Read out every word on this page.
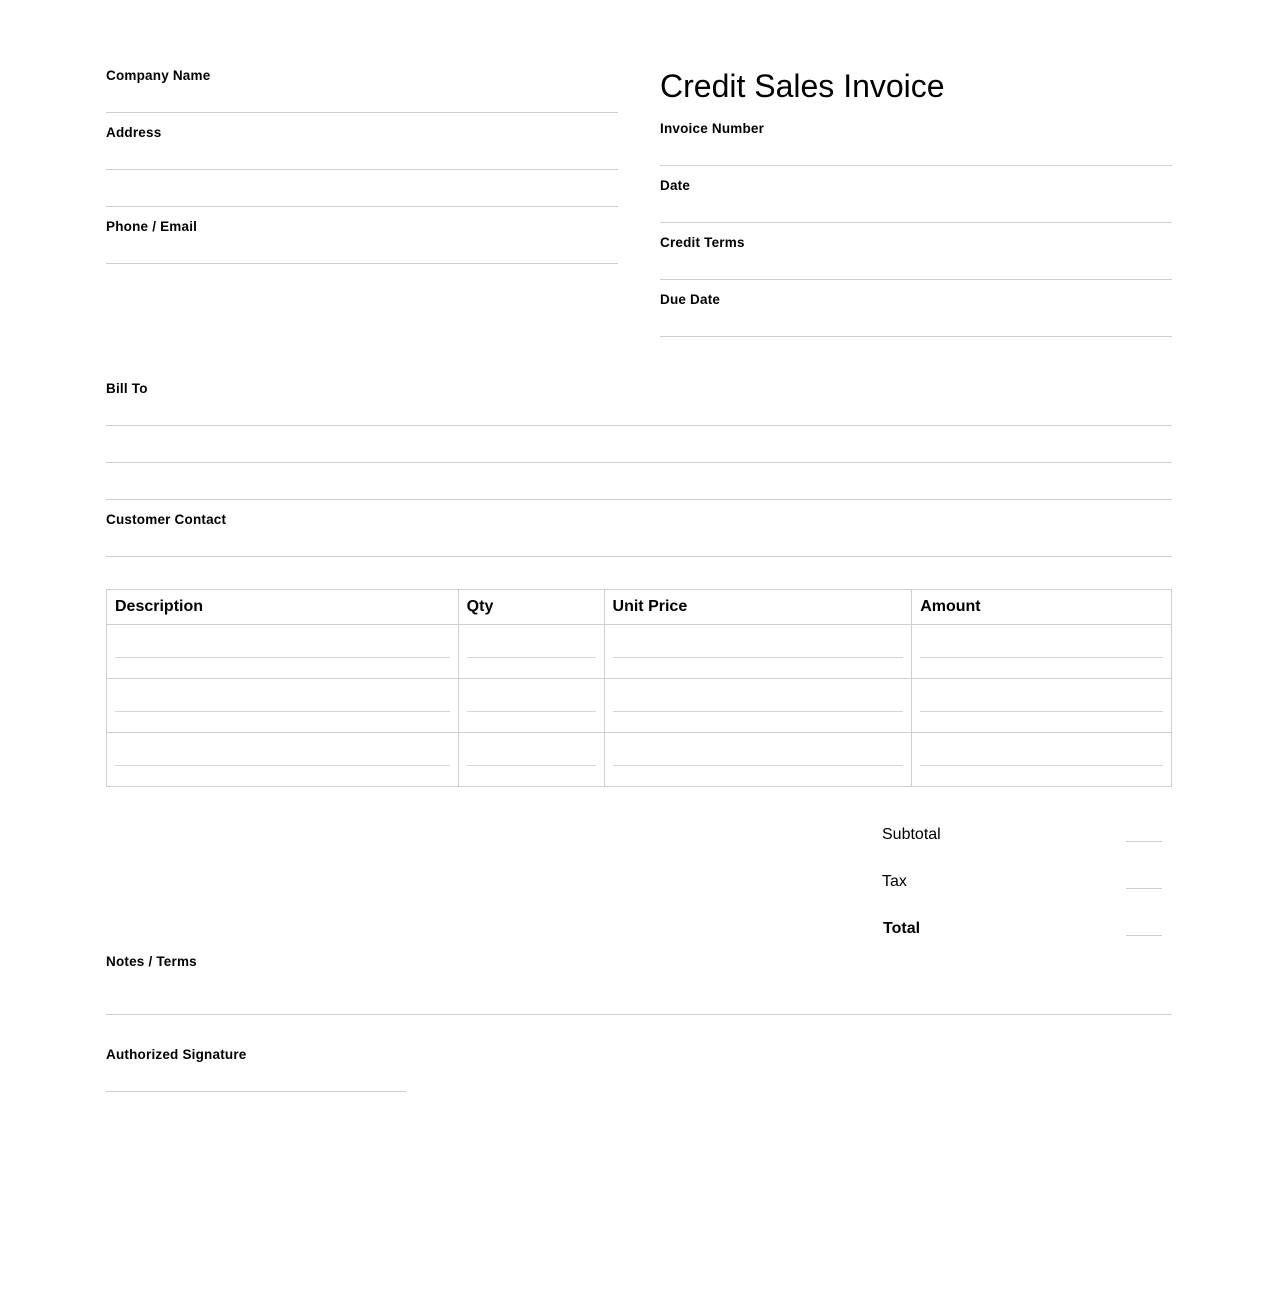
Company Name
Address
Phone / Email
Credit Sales Invoice
Invoice Number
Date
Credit Terms
Due Date
Bill To
Customer Contact
Description	Qty	Unit Price	Amount

Subtotal
Tax
Total
Notes / Terms
Authorized Signature
